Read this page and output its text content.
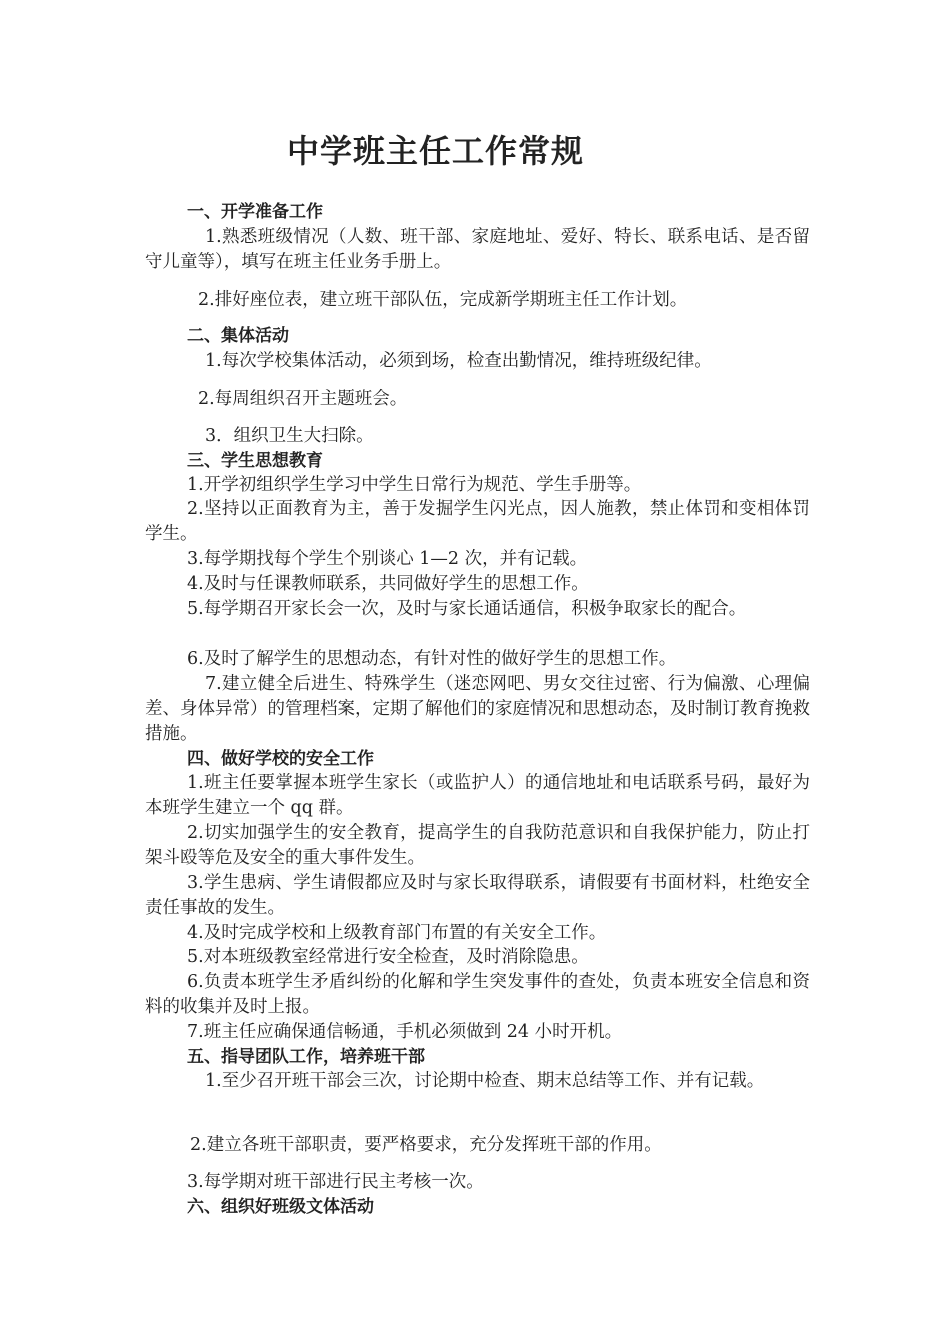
中学班主任工作常规
一、开学准备工作
1.熟悉班级情况（人数、班干部、家庭地址、爱好、特长、联系电话、是否留守儿童等），填写在班主任业务手册上。
2.排好座位表，建立班干部队伍，完成新学期班主任工作计划。
二、集体活动
1.每次学校集体活动，必须到场，检查出勤情况，维持班级纪律。
2.每周组织召开主题班会。
3．组织卫生大扫除。
三、学生思想教育
1.开学初组织学生学习中学生日常行为规范、学生手册等。
2.坚持以正面教育为主，善于发掘学生闪光点，因人施教，禁止体罚和变相体罚学生。
3.每学期找每个学生个别谈心 1—2 次，并有记载。
4.及时与任课教师联系，共同做好学生的思想工作。
5.每学期召开家长会一次，及时与家长通话通信，积极争取家长的配合。
6.及时了解学生的思想动态，有针对性的做好学生的思想工作。
7.建立健全后进生、特殊学生（迷恋网吧、男女交往过密、行为偏激、心理偏差、身体异常）的管理档案，定期了解他们的家庭情况和思想动态，及时制订教育挽救措施。
四、做好学校的安全工作
1.班主任要掌握本班学生家长（或监护人）的通信地址和电话联系号码，最好为本班学生建立一个 qq 群。
2.切实加强学生的安全教育，提高学生的自我防范意识和自我保护能力，防止打架斗殴等危及安全的重大事件发生。
3.学生患病、学生请假都应及时与家长取得联系，请假要有书面材料，杜绝安全责任事故的发生。
4.及时完成学校和上级教育部门布置的有关安全工作。
5.对本班级教室经常进行安全检查，及时消除隐患。
6.负责本班学生矛盾纠纷的化解和学生突发事件的查处，负责本班安全信息和资料的收集并及时上报。
7.班主任应确保通信畅通，手机必须做到 24 小时开机。
五、指导团队工作，培养班干部
1.至少召开班干部会三次，讨论期中检查、期末总结等工作、并有记载。
2.建立各班干部职责，要严格要求，充分发挥班干部的作用。
3.每学期对班干部进行民主考核一次。
六、组织好班级文体活动
